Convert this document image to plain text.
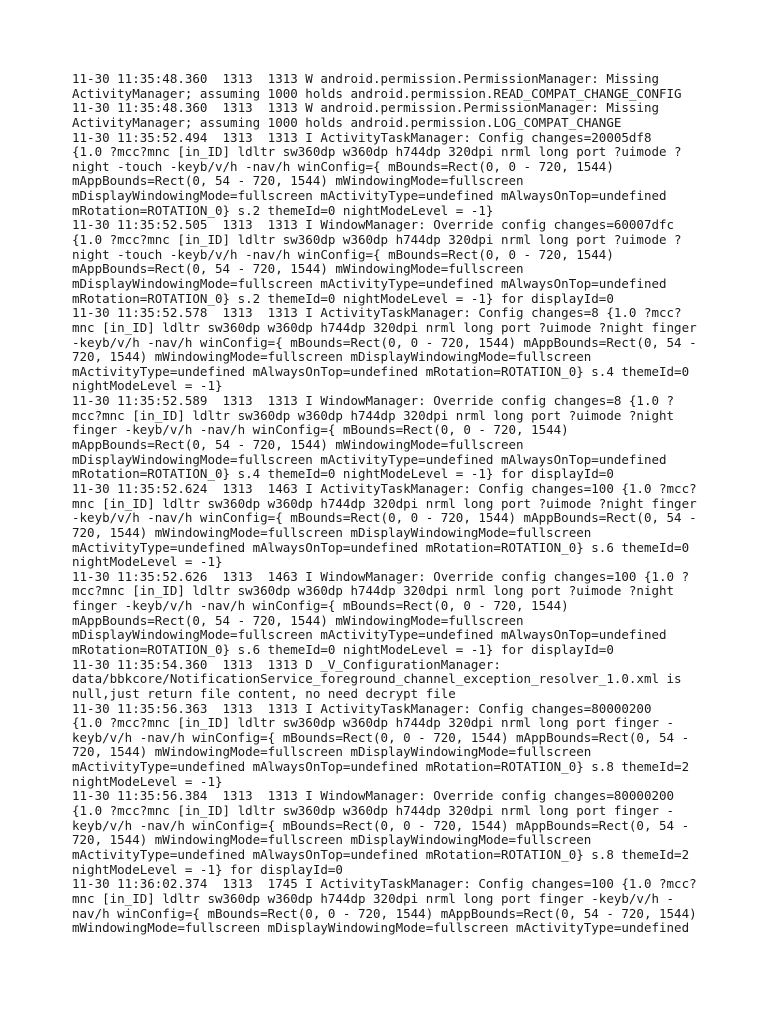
11-30 11:35:48.360  1313  1313 W android.permission.PermissionManager: Missing
ActivityManager; assuming 1000 holds android.permission.READ_COMPAT_CHANGE_CONFIG
11-30 11:35:48.360  1313  1313 W android.permission.PermissionManager: Missing
ActivityManager; assuming 1000 holds android.permission.LOG_COMPAT_CHANGE
11-30 11:35:52.494  1313  1313 I ActivityTaskManager: Config changes=20005df8
{1.0 ?mcc?mnc [in_ID] ldltr sw360dp w360dp h744dp 320dpi nrml long port ?uimode ?
night -touch -keyb/v/h -nav/h winConfig={ mBounds=Rect(0, 0 - 720, 1544)
mAppBounds=Rect(0, 54 - 720, 1544) mWindowingMode=fullscreen
mDisplayWindowingMode=fullscreen mActivityType=undefined mAlwaysOnTop=undefined
mRotation=ROTATION_0} s.2 themeId=0 nightModeLevel = -1}
11-30 11:35:52.505  1313  1313 I WindowManager: Override config changes=60007dfc
{1.0 ?mcc?mnc [in_ID] ldltr sw360dp w360dp h744dp 320dpi nrml long port ?uimode ?
night -touch -keyb/v/h -nav/h winConfig={ mBounds=Rect(0, 0 - 720, 1544)
mAppBounds=Rect(0, 54 - 720, 1544) mWindowingMode=fullscreen
mDisplayWindowingMode=fullscreen mActivityType=undefined mAlwaysOnTop=undefined
mRotation=ROTATION_0} s.2 themeId=0 nightModeLevel = -1} for displayId=0
11-30 11:35:52.578  1313  1313 I ActivityTaskManager: Config changes=8 {1.0 ?mcc?
mnc [in_ID] ldltr sw360dp w360dp h744dp 320dpi nrml long port ?uimode ?night finger
-keyb/v/h -nav/h winConfig={ mBounds=Rect(0, 0 - 720, 1544) mAppBounds=Rect(0, 54 -
720, 1544) mWindowingMode=fullscreen mDisplayWindowingMode=fullscreen
mActivityType=undefined mAlwaysOnTop=undefined mRotation=ROTATION_0} s.4 themeId=0
nightModeLevel = -1}
11-30 11:35:52.589  1313  1313 I WindowManager: Override config changes=8 {1.0 ?
mcc?mnc [in_ID] ldltr sw360dp w360dp h744dp 320dpi nrml long port ?uimode ?night
finger -keyb/v/h -nav/h winConfig={ mBounds=Rect(0, 0 - 720, 1544)
mAppBounds=Rect(0, 54 - 720, 1544) mWindowingMode=fullscreen
mDisplayWindowingMode=fullscreen mActivityType=undefined mAlwaysOnTop=undefined
mRotation=ROTATION_0} s.4 themeId=0 nightModeLevel = -1} for displayId=0
11-30 11:35:52.624  1313  1463 I ActivityTaskManager: Config changes=100 {1.0 ?mcc?
mnc [in_ID] ldltr sw360dp w360dp h744dp 320dpi nrml long port ?uimode ?night finger
-keyb/v/h -nav/h winConfig={ mBounds=Rect(0, 0 - 720, 1544) mAppBounds=Rect(0, 54 -
720, 1544) mWindowingMode=fullscreen mDisplayWindowingMode=fullscreen
mActivityType=undefined mAlwaysOnTop=undefined mRotation=ROTATION_0} s.6 themeId=0
nightModeLevel = -1}
11-30 11:35:52.626  1313  1463 I WindowManager: Override config changes=100 {1.0 ?
mcc?mnc [in_ID] ldltr sw360dp w360dp h744dp 320dpi nrml long port ?uimode ?night
finger -keyb/v/h -nav/h winConfig={ mBounds=Rect(0, 0 - 720, 1544)
mAppBounds=Rect(0, 54 - 720, 1544) mWindowingMode=fullscreen
mDisplayWindowingMode=fullscreen mActivityType=undefined mAlwaysOnTop=undefined
mRotation=ROTATION_0} s.6 themeId=0 nightModeLevel = -1} for displayId=0
11-30 11:35:54.360  1313  1313 D _V_ConfigurationManager:
data/bbkcore/NotificationService_foreground_channel_exception_resolver_1.0.xml is
null,just return file content, no need decrypt file
11-30 11:35:56.363  1313  1313 I ActivityTaskManager: Config changes=80000200
{1.0 ?mcc?mnc [in_ID] ldltr sw360dp w360dp h744dp 320dpi nrml long port finger -
keyb/v/h -nav/h winConfig={ mBounds=Rect(0, 0 - 720, 1544) mAppBounds=Rect(0, 54 -
720, 1544) mWindowingMode=fullscreen mDisplayWindowingMode=fullscreen
mActivityType=undefined mAlwaysOnTop=undefined mRotation=ROTATION_0} s.8 themeId=2
nightModeLevel = -1}
11-30 11:35:56.384  1313  1313 I WindowManager: Override config changes=80000200
{1.0 ?mcc?mnc [in_ID] ldltr sw360dp w360dp h744dp 320dpi nrml long port finger -
keyb/v/h -nav/h winConfig={ mBounds=Rect(0, 0 - 720, 1544) mAppBounds=Rect(0, 54 -
720, 1544) mWindowingMode=fullscreen mDisplayWindowingMode=fullscreen
mActivityType=undefined mAlwaysOnTop=undefined mRotation=ROTATION_0} s.8 themeId=2
nightModeLevel = -1} for displayId=0
11-30 11:36:02.374  1313  1745 I ActivityTaskManager: Config changes=100 {1.0 ?mcc?
mnc [in_ID] ldltr sw360dp w360dp h744dp 320dpi nrml long port finger -keyb/v/h -
nav/h winConfig={ mBounds=Rect(0, 0 - 720, 1544) mAppBounds=Rect(0, 54 - 720, 1544)
mWindowingMode=fullscreen mDisplayWindowingMode=fullscreen mActivityType=undefined
